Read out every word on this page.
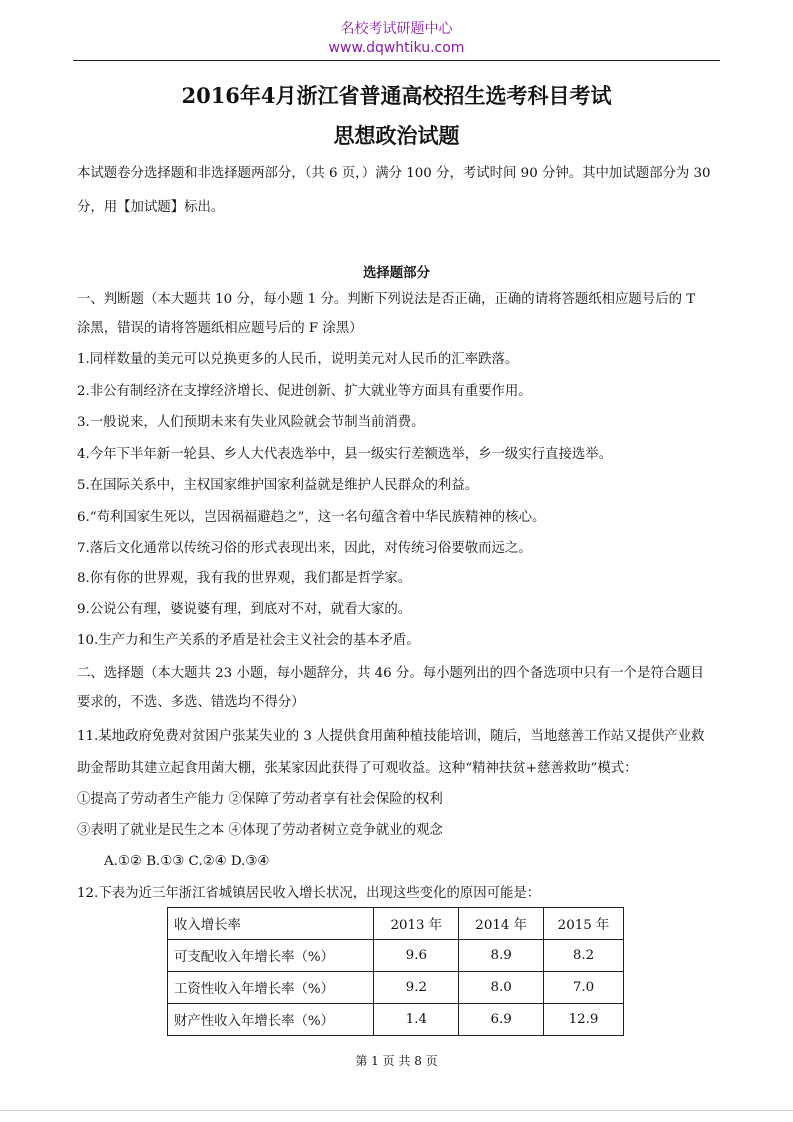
名校考试研题中心
www.dqwhtiku.com
2016年4月浙江省普通高校招生选考科目考试
思想政治试题
本试题卷分选择题和非选择题两部分，（共 6 页，）满分 100 分，考试时间 90 分钟。其中加试题部分为 30
分，用【加试题】标出。
选择题部分
一、判断题（本大题共 10 分，每小题 1 分。判断下列说法是否正确，正确的请将答题纸相应题号后的 T
涂黑，错误的请将答题纸相应题号后的 F 涂黑）
1.同样数量的美元可以兑换更多的人民币，说明美元对人民币的汇率跌落。
2.非公有制经济在支撑经济增长、促进创新、扩大就业等方面具有重要作用。
3.一般说来，人们预期未来有失业风险就会节制当前消费。
4.今年下半年新一轮县、乡人大代表选举中，县一级实行差额选举，乡一级实行直接选举。
5.在国际关系中，主权国家维护国家利益就是维护人民群众的利益。
6.“苟利国家生死以，岂因祸福避趋之”，这一名句蕴含着中华民族精神的核心。
7.落后文化通常以传统习俗的形式表现出来，因此，对传统习俗要敬而远之。
8.你有你的世界观，我有我的世界观，我们都是哲学家。
9.公说公有理，婆说婆有理，到底对不对，就看大家的。
10.生产力和生产关系的矛盾是社会主义社会的基本矛盾。
二、选择题（本大题共 23 小题，每小题辞分，共 46 分。每小题列出的四个备选项中只有一个是符合题目
要求的，不选、多选、错选均不得分）
11.某地政府免费对贫困户张某失业的 3 人提供食用菌种植技能培训，随后，当地慈善工作站又提供产业救
助金帮助其建立起食用菌大棚，张某家因此获得了可观收益。这种“精神扶贫+慈善救助”模式：
①提高了劳动者生产能力 ②保障了劳动者享有社会保险的权利
③表明了就业是民生之本 ④体现了劳动者树立竞争就业的观念
A.①② B.①③ C.②④ D.③④
12.下表为近三年浙江省城镇居民收入增长状况，出现这些变化的原因可能是：
收入增长率	2013 年	2014 年	2015 年
可支配收入年增长率（%）	9.6	8.9	8.2
工资性收入年增长率（%）	9.2	8.0	7.0
财产性收入年增长率（%）	1.4	6.9	12.9
第 1 页 共 8 页
